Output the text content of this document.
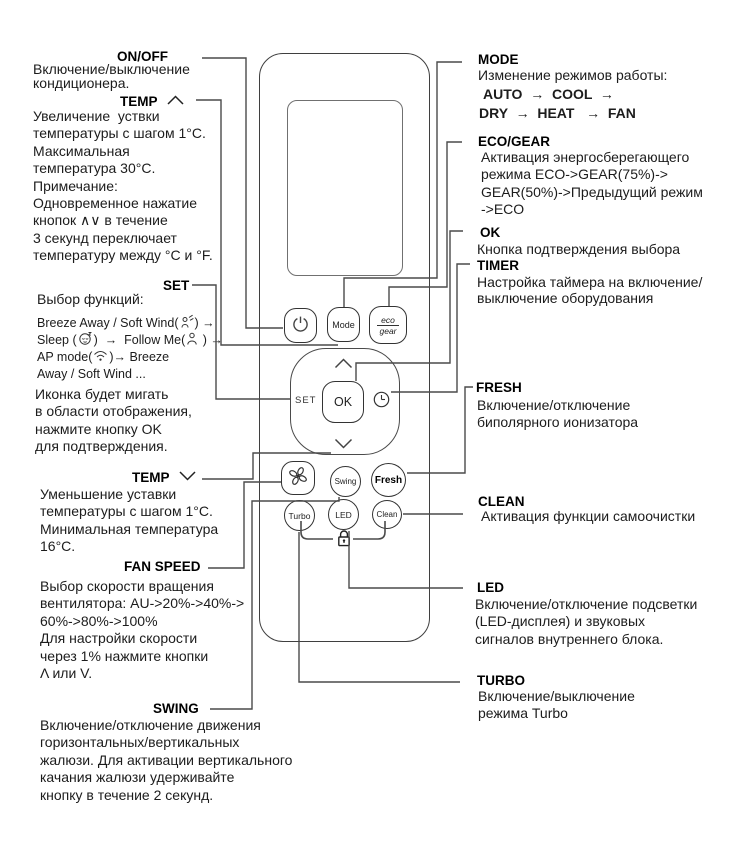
ON/OFF
Включение/выключение
кондиционера.
TEMP
Увеличение  уствки
температуры с шагом 1°C.
Максимальная
температура 30°C.
Примечание:
Одновременное нажатие
кнопок ∧∨ в течение
3 секунд переключает
температуру между °C и °F.
SET
Выбор функций:
Breeze Away / Soft Wind( ) →
Sleep ( )  →  Follow Me( ) →
AP mode( )→ Breeze
Away / Soft Wind ...
Иконка будет мигать
в области отображения,
нажмите кнопку OK
для подтверждения.
TEMP
Уменьшение уставки
температуры с шагом 1°C.
Минимальная температура
16°C.
FAN SPEED
Выбор скорости вращения
вентилятора: AU->20%->40%->
60%->80%->100%
Для настройки скорости
через 1% нажмите кнопки
Λ или V.
SWING
Включение/отключение движения
горизонтальных/вертикальных
жалюзи. Для активации вертикального
качания жалюзи удерживайте
кнопку в течение 2 секунд.
MODE
Изменение режимов работы:
AUTO  →  COOL  →
DRY  →  HEAT   →  FAN
ECO/GEAR
Активация энергосберегающего
режима ECO->GEAR(75%)->
GEAR(50%)->Предыдущий режим
->ECO
OK
Кнопка подтверждения выбора
TIMER
Настройка таймера на включение/
выключение оборудования
FRESH
Включение/отключение
биполярного ионизатора
CLEAN
Активация функции самоочистки
LED
Включение/отключение подсветки
(LED-дисплея) и звуковых
сигналов внутреннего блока.
TURBO
Включение/выключение
режима Turbo
Mode	eco
gear
SET OK
Swing Fresh
Turbo	LED	Clean
